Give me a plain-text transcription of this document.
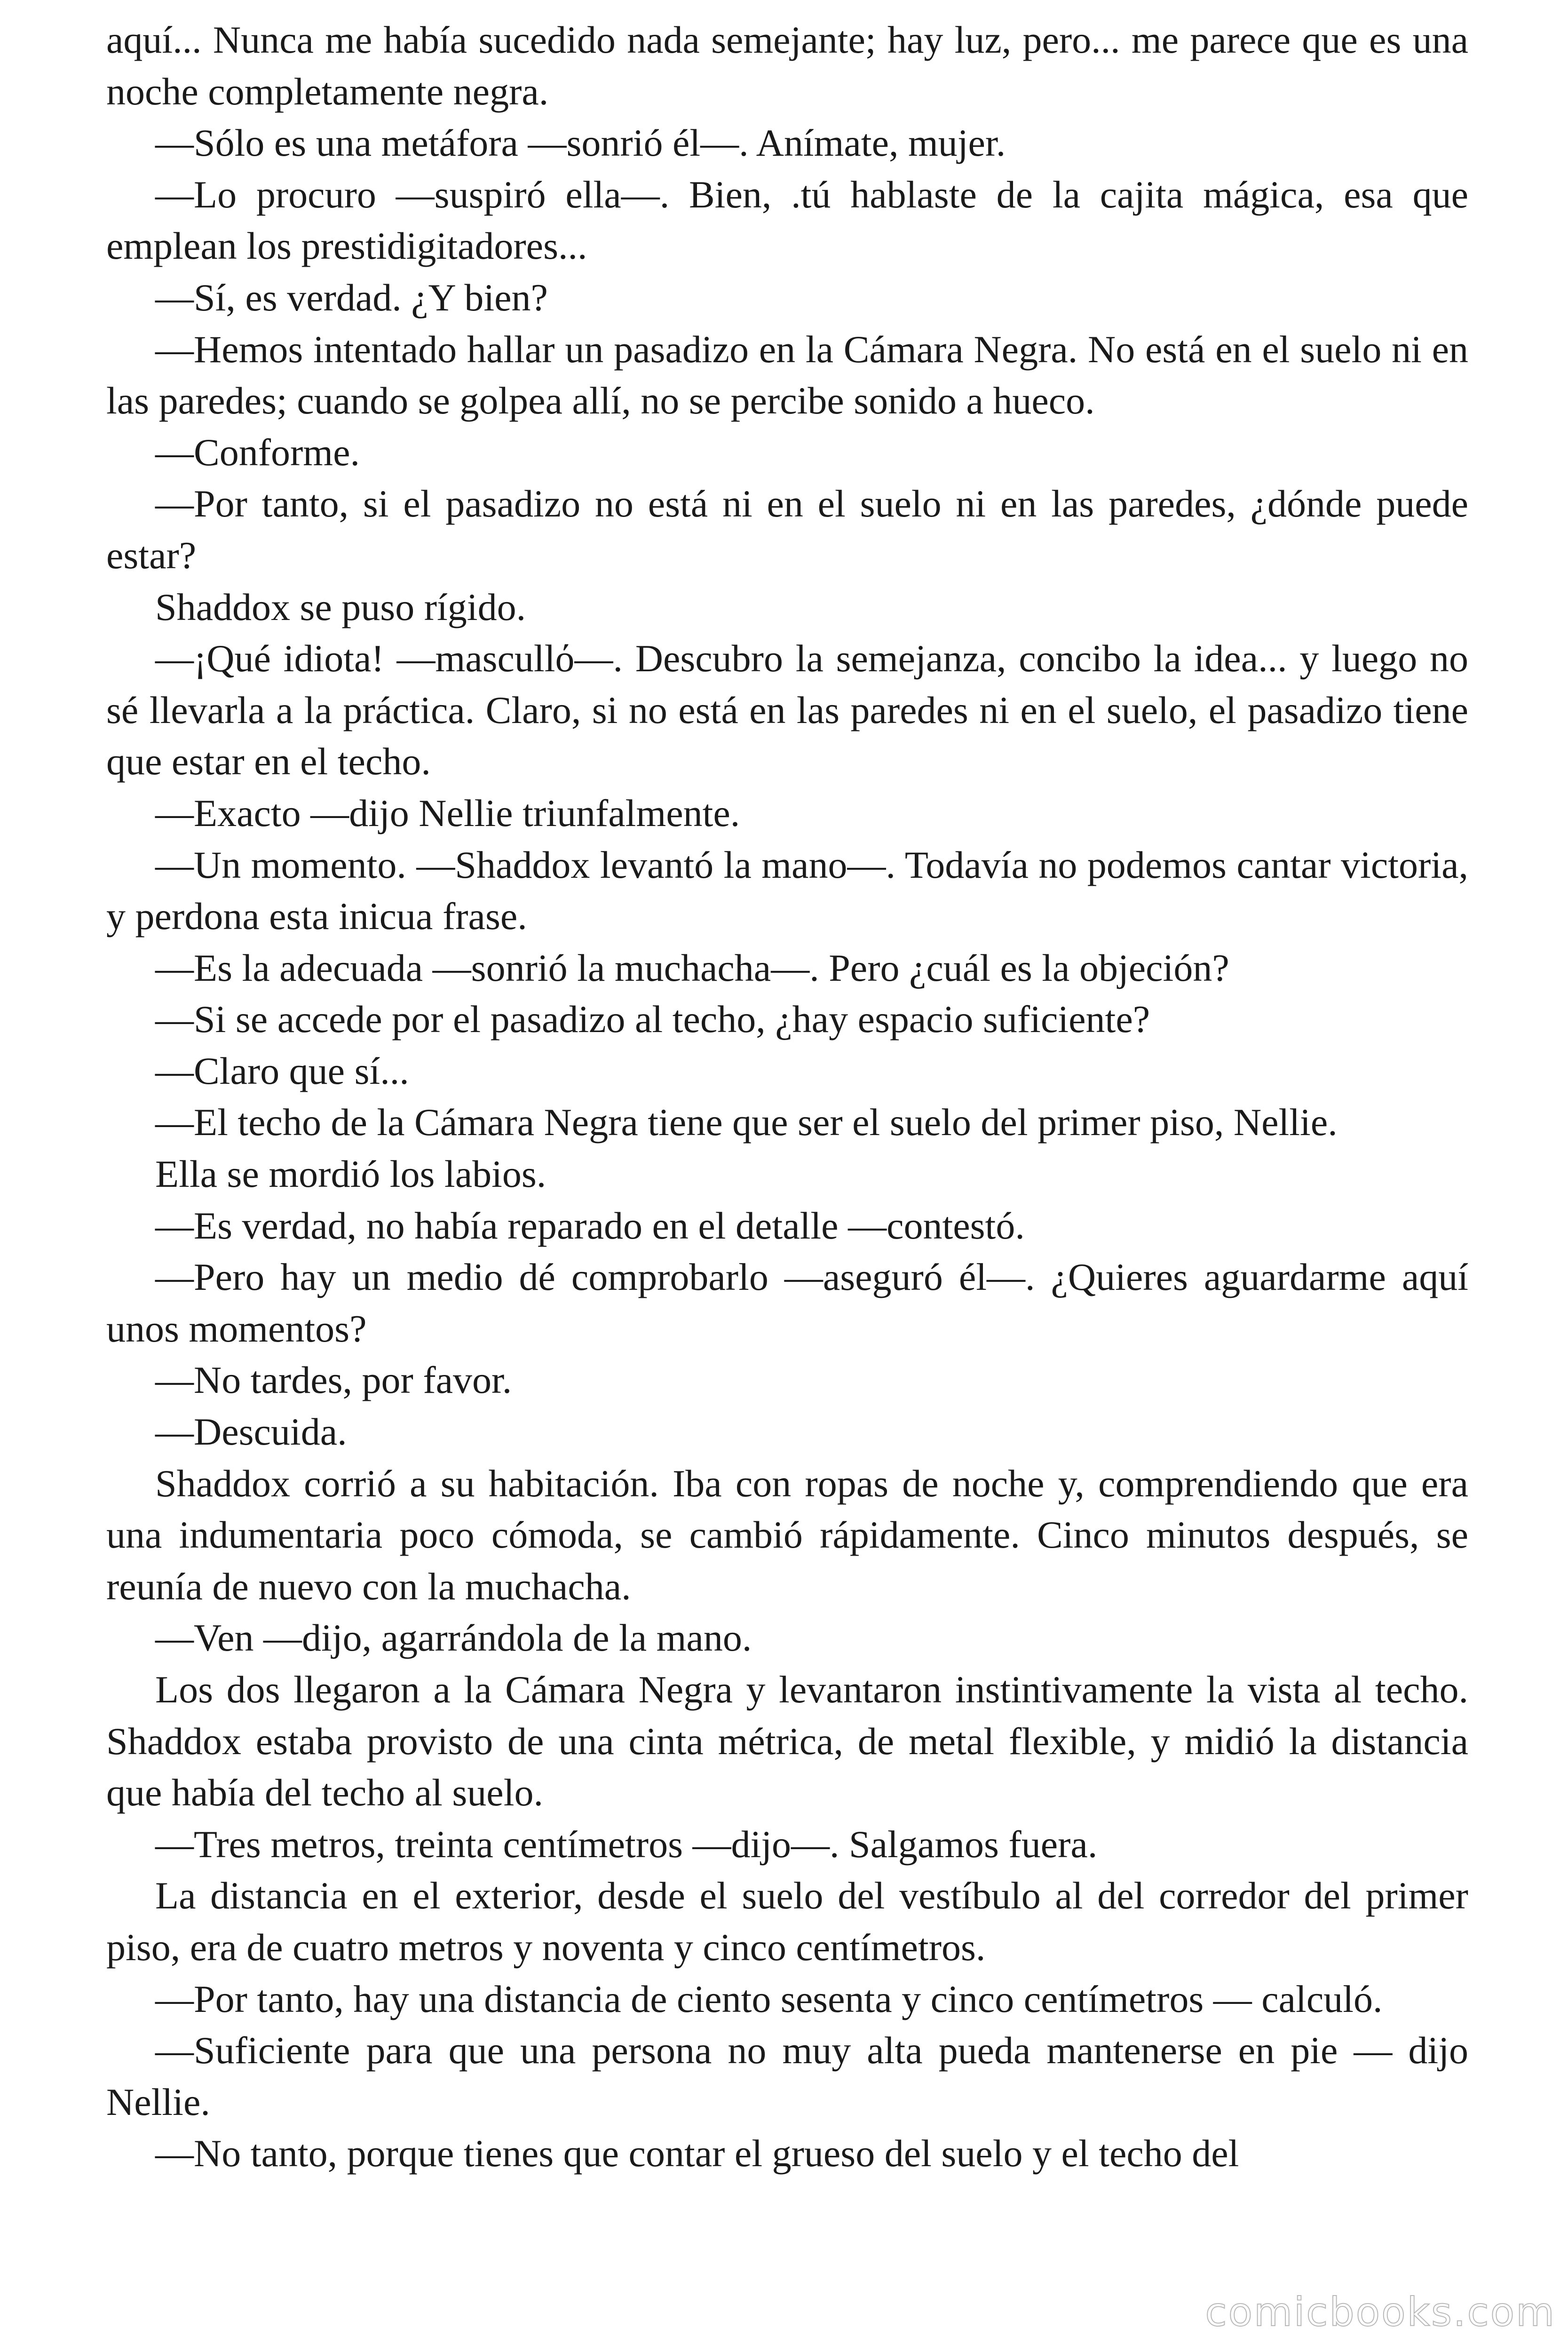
aquí... Nunca me había sucedido nada semejante; hay luz, pero... me parece que es una noche completamente negra.

—Sólo es una metáfora —sonrió él—. Anímate, mujer.

—Lo procuro —suspiró ella—. Bien, .tú hablaste de la cajita mágica, esa que emplean los prestidigitadores...

—Sí, es verdad. ¿Y bien?

—Hemos intentado hallar un pasadizo en la Cámara Negra. No está en el suelo ni en las paredes; cuando se golpea allí, no se percibe sonido a hueco.

—Conforme.

—Por tanto, si el pasadizo no está ni en el suelo ni en las paredes, ¿dónde puede estar?

Shaddox se puso rígido.

—¡Qué idiota! —mascullό—. Descubro la semejanza, concibo la idea... y luego no sé llevarla a la práctica. Claro, si no está en las paredes ni en el suelo, el pasadizo tiene que estar en el techo.

—Exacto —dijo Nellie triunfalmente.

—Un momento. —Shaddox levantó la mano—. Todavía no podemos cantar victoria, y perdona esta inicua frase.

—Es la adecuada —sonrió la muchacha—. Pero ¿cuál es la objeción?

—Si se accede por el pasadizo al techo, ¿hay espacio suficiente?

—Claro que sí...

—El techo de la Cámara Negra tiene que ser el suelo del primer piso, Nellie.

Ella se mordió los labios.

—Es verdad, no había reparado en el detalle —contestó.

—Pero hay un medio dé comprobarlo —aseguró él—. ¿Quieres aguardarme aquí unos momentos?

—No tardes, por favor.

—Descuida.

Shaddox corrió a su habitación. Iba con ropas de noche y, comprendiendo que era una indumentaria poco cómoda, se cambió rápidamente. Cinco minutos después, se reunía de nuevo con la muchacha.

—Ven —dijo, agarrándola de la mano.

Los dos llegaron a la Cámara Negra y levantaron instintivamente la vista al techo. Shaddox estaba provisto de una cinta métrica, de metal flexible, y midió la distancia que había del techo al suelo.

—Tres metros, treinta centímetros —dijo—. Salgamos fuera.

La distancia en el exterior, desde el suelo del vestíbulo al del corredor del primer piso, era de cuatro metros y noventa y cinco centímetros.

—Por tanto, hay una distancia de ciento sesenta y cinco centímetros — calculó.

—Suficiente para que una persona no muy alta pueda mantenerse en pie — dijo Nellie.

—No tanto, porque tienes que contar el grueso del suelo y el techo del

comicbooks.com
